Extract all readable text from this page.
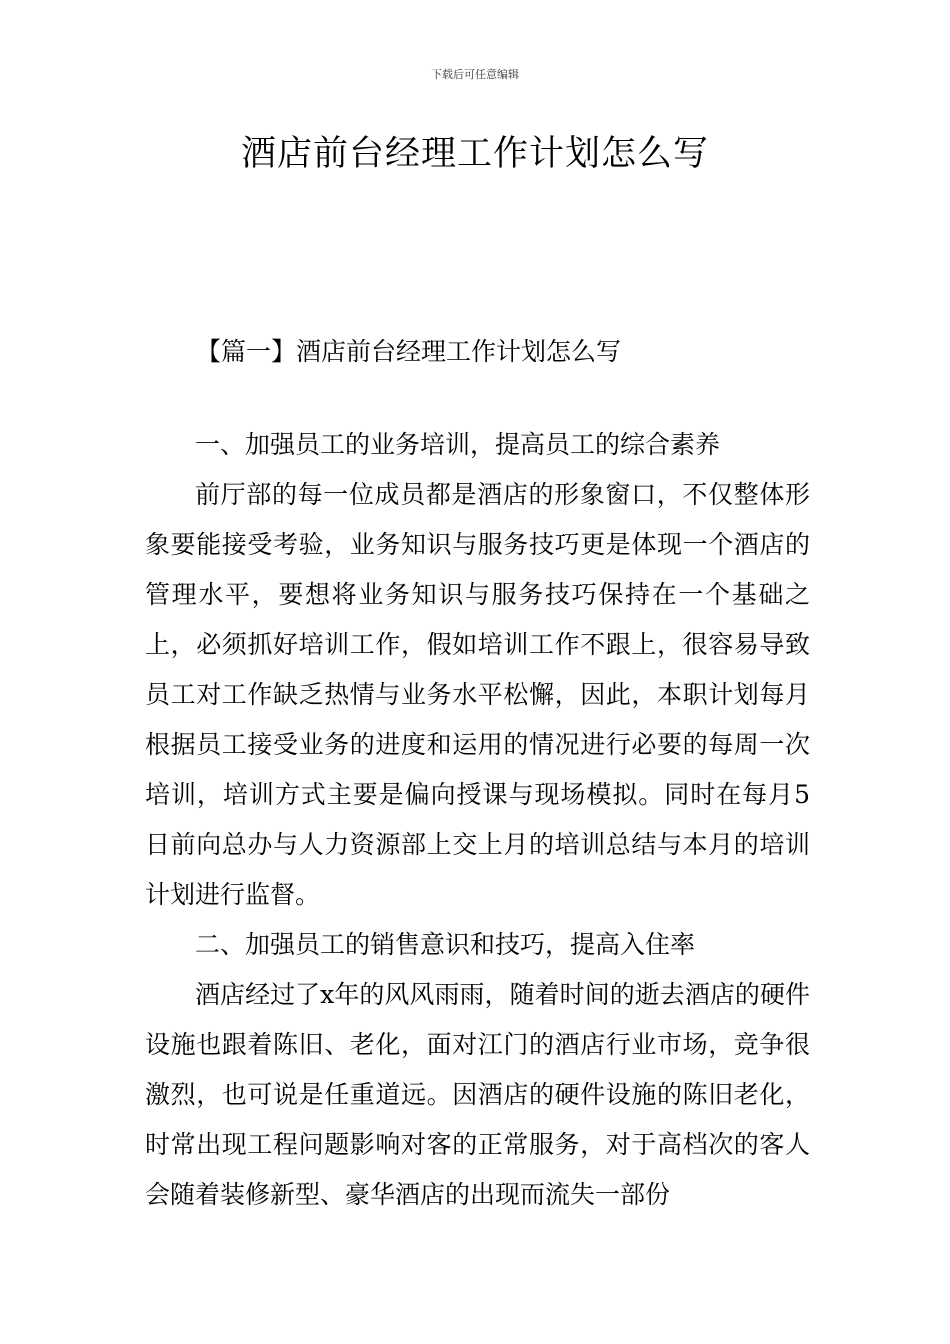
下载后可任意编辑
酒店前台经理工作计划怎么写
【篇一】酒店前台经理工作计划怎么写

一、加强员工的业务培训，提高员工的综合素养

前厅部的每一位成员都是酒店的形象窗口，不仅整体形象要能接受考验，业务知识与服务技巧更是体现一个酒店的管理水平，要想将业务知识与服务技巧保持在一个基础之上，必须抓好培训工作，假如培训工作不跟上，很容易导致员工对工作缺乏热情与业务水平松懈，因此，本职计划每月根据员工接受业务的进度和运用的情况进行必要的每周一次培训，培训方式主要是偏向授课与现场模拟。同时在每月5日前向总办与人力资源部上交上月的培训总结与本月的培训计划进行监督。

二、加强员工的销售意识和技巧，提高入住率

酒店经过了x年的风风雨雨，随着时间的逝去酒店的硬件设施也跟着陈旧、老化，面对江门的酒店行业市场，竞争很激烈，也可说是任重道远。因酒店的硬件设施的陈旧老化，时常出现工程问题影响对客的正常服务，对于高档次的客人会随着装修新型、豪华酒店的出现而流失一部份
